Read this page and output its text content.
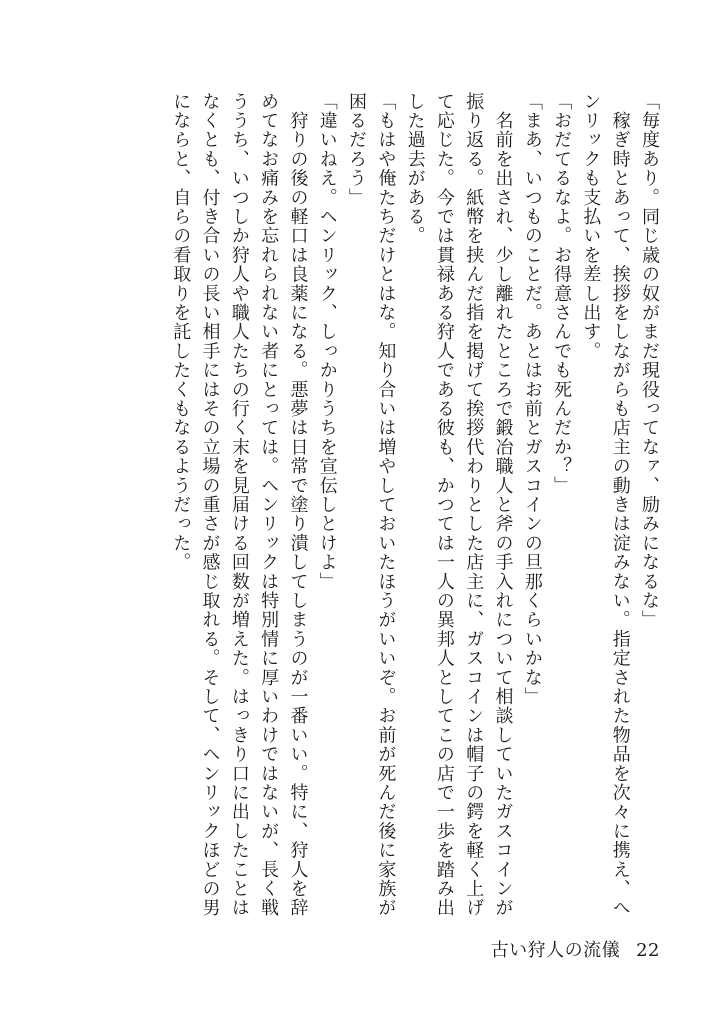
「毎度あり。同じ歳の奴がまだ現役ってなァ、励みになるな」

　稼ぎ時とあって、挨拶をしながらも店主の動きは淀みない。指定された物品を次々に携え、へ

ンリックも支払いを差し出す。

「おだてるなよ。お得意さんでも死んだか？」

「まあ、いつものことだ。あとはお前とガスコインの旦那くらいかな」

　名前を出され、少し離れたところで鍛冶職人と斧の手入れについて相談していたガスコインが

振り返る。紙幣を挟んだ指を掲げて挨拶代わりとした店主に、ガスコインは帽子の鍔を軽く上げ

て応じた。今では貫禄ある狩人である彼も、かつては一人の異邦人としてこの店で一歩を踏み出

した過去がある。

「もはや俺たちだけとはな。知り合いは増やしておいたほうがいいぞ。お前が死んだ後に家族が

困るだろう」

「違いねえ。ヘンリック、しっかりうちを宣伝しとけよ」

　狩りの後の軽口は良薬になる。悪夢は日常で塗り潰してしまうのが一番いい。特に、狩人を辞

めてなお痛みを忘れられない者にとっては。ヘンリックは特別情に厚いわけではないが、長く戦

ううち、いつしか狩人や職人たちの行く末を見届ける回数が増えた。はっきり口に出したことは

なくとも、付き合いの長い相手にはその立場の重さが感じ取れる。そして、ヘンリックほどの男

にならと、自らの看取りを託したくもなるようだった。

古い狩人の流儀 22
